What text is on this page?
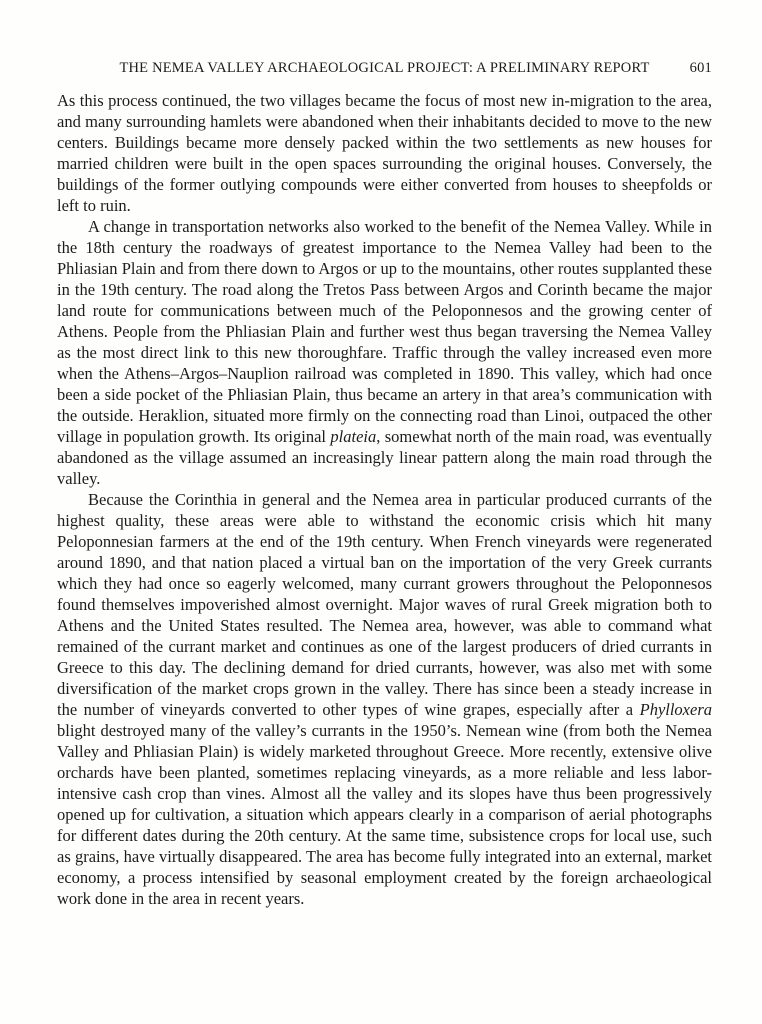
THE NEMEA VALLEY ARCHAEOLOGICAL PROJECT: A PRELIMINARY REPORT	601

As this process continued, the two villages became the focus of most new in-migration to the area, and many surrounding hamlets were abandoned when their inhabitants decided to move to the new centers. Buildings became more densely packed within the two settlements as new houses for married children were built in the open spaces surrounding the original houses. Conversely, the buildings of the former outlying compounds were either converted from houses to sheepfolds or left to ruin.

A change in transportation networks also worked to the benefit of the Nemea Valley. While in the 18th century the roadways of greatest importance to the Nemea Valley had been to the Phliasian Plain and from there down to Argos or up to the mountains, other routes supplanted these in the 19th century. The road along the Tretos Pass between Argos and Corinth became the major land route for communications between much of the Peloponnesos and the growing center of Athens. People from the Phliasian Plain and further west thus began traversing the Nemea Valley as the most direct link to this new thoroughfare. Traffic through the valley increased even more when the Athens–Argos–Nauplion railroad was completed in 1890. This valley, which had once been a side pocket of the Phliasian Plain, thus became an artery in that area’s communication with the outside. Heraklion, situated more firmly on the connecting road than Linoi, outpaced the other village in population growth. Its original plateia, somewhat north of the main road, was eventually abandoned as the village assumed an increasingly linear pattern along the main road through the valley.

Because the Corinthia in general and the Nemea area in particular produced currants of the highest quality, these areas were able to withstand the economic crisis which hit many Peloponnesian farmers at the end of the 19th century. When French vineyards were regenerated around 1890, and that nation placed a virtual ban on the importation of the very Greek currants which they had once so eagerly welcomed, many currant growers throughout the Peloponnesos found themselves impoverished almost overnight. Major waves of rural Greek migration both to Athens and the United States resulted. The Nemea area, however, was able to command what remained of the currant market and continues as one of the largest producers of dried currants in Greece to this day. The declining demand for dried currants, however, was also met with some diversification of the market crops grown in the valley. There has since been a steady increase in the number of vineyards converted to other types of wine grapes, especially after a Phylloxera blight destroyed many of the valley’s currants in the 1950’s. Nemean wine (from both the Nemea Valley and Phliasian Plain) is widely marketed throughout Greece. More recently, extensive olive orchards have been planted, sometimes replacing vineyards, as a more reliable and less labor-intensive cash crop than vines. Almost all the valley and its slopes have thus been progressively opened up for cultivation, a situation which appears clearly in a comparison of aerial photographs for different dates during the 20th century. At the same time, subsistence crops for local use, such as grains, have virtually disappeared. The area has become fully integrated into an external, market economy, a process intensified by seasonal employment created by the foreign archaeological work done in the area in recent years.
